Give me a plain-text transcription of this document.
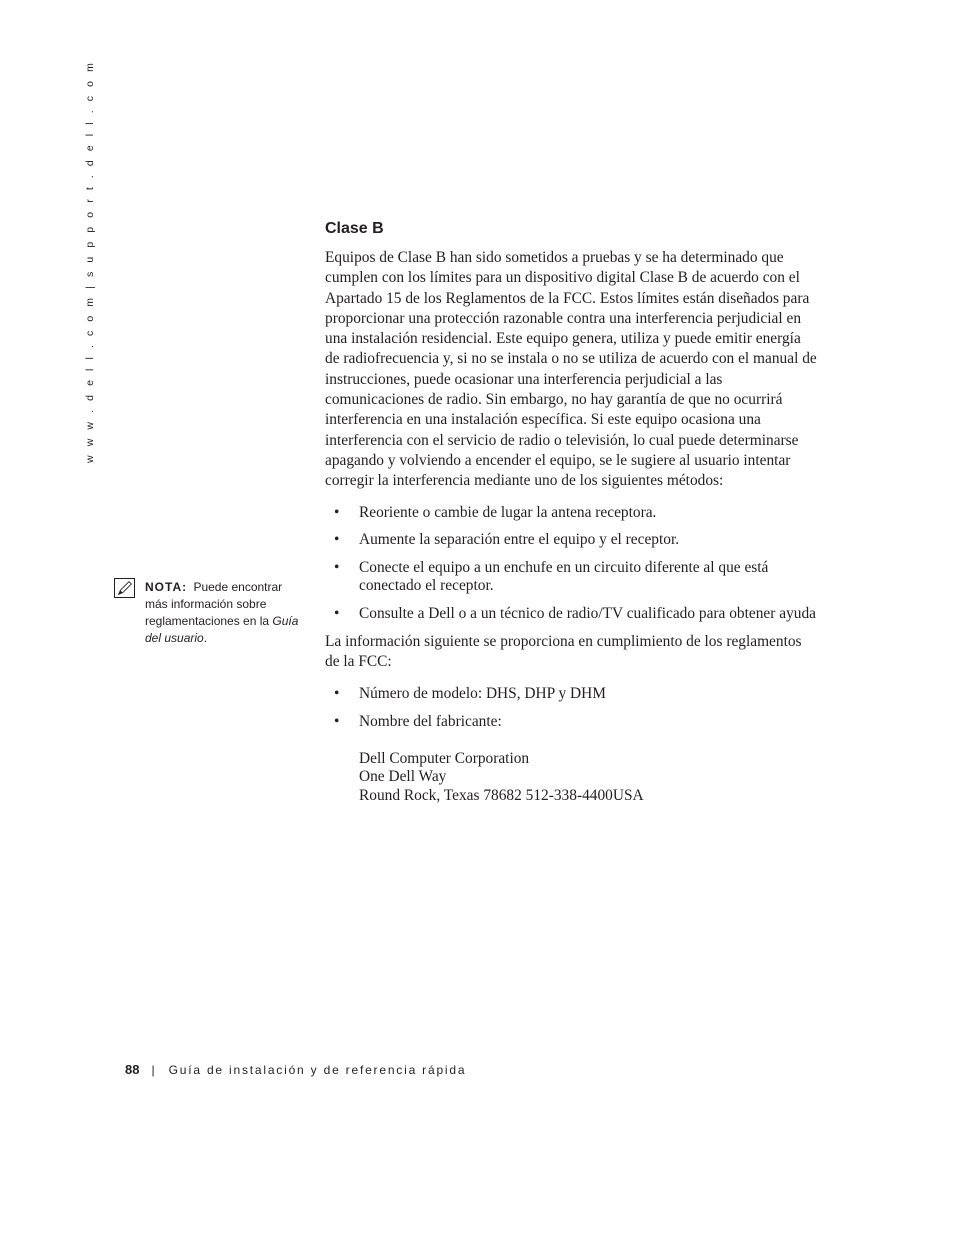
w w w . d e l l . c o m | s u p p o r t . d e l l . c o m
NOTA: Puede encontrar más información sobre reglamentaciones en la Guía del usuario.
Clase B

Equipos de Clase B han sido sometidos a pruebas y se ha determinado que cumplen con los límites para un dispositivo digital Clase B de acuerdo con el Apartado 15 de los Reglamentos de la FCC. Estos límites están diseñados para proporcionar una protección razonable contra una interferencia perjudicial en una instalación residencial. Este equipo genera, utiliza y puede emitir energía de radiofrecuencia y, si no se instala o no se utiliza de acuerdo con el manual de instrucciones, puede ocasionar una interferencia perjudicial a las comunicaciones de radio. Sin embargo, no hay garantía de que no ocurrirá interferencia en una instalación específica. Si este equipo ocasiona una interferencia con el servicio de radio o televisión, lo cual puede determinarse apagando y volviendo a encender el equipo, se le sugiere al usuario intentar corregir la interferencia mediante uno de los siguientes métodos:

• Reoriente o cambie de lugar la antena receptora.
• Aumente la separación entre el equipo y el receptor.
• Conecte el equipo a un enchufe en un circuito diferente al que está conectado el receptor.
• Consulte a Dell o a un técnico de radio/TV cualificado para obtener ayuda

La información siguiente se proporciona en cumplimiento de los reglamentos de la FCC:

• Número de modelo: DHS, DHP y DHM
• Nombre del fabricante:
Dell Computer Corporation
One Dell Way
Round Rock, Texas 78682 512-338-4400USA
88 | Guía de instalación y de referencia rápida
